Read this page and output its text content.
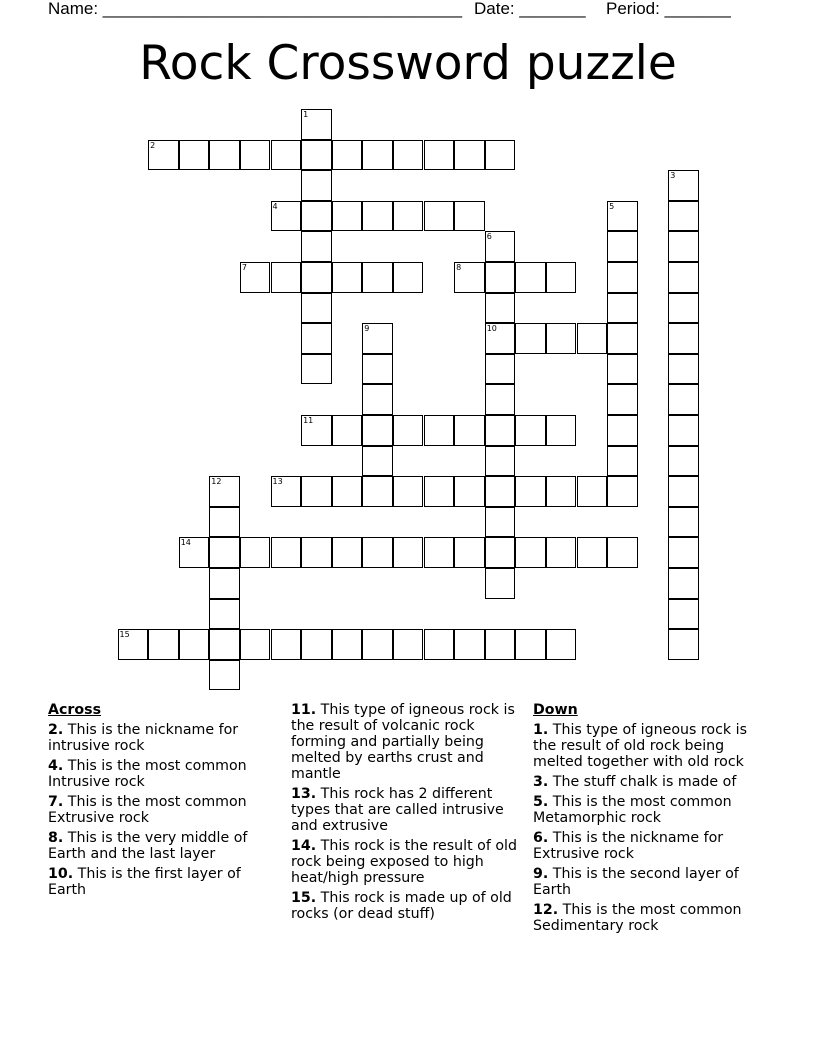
Name: ______________________________________ Date: _______ Period: _______
Rock Crossword puzzle
1
2
3
4	5
6
10
7	8
9
11
12	13
14
15
Across
2. This is the nickname for intrusive rock
4. This is the most common Intrusive rock
7. This is the most common Extrusive rock
8. This is the very middle of Earth and the last layer
10. This is the first layer of Earth
11. This type of igneous rock is the result of volcanic rock forming and partially being melted by earths crust and mantle
13. This rock has 2 different types that are called intrusive and extrusive
14. This rock is the result of old rock being exposed to high heat/high pressure
15. This rock is made up of old rocks (or dead stuff)
Down
1. This type of igneous rock is the result of old rock being melted together with old rock
3. The stuff chalk is made of
5. This is the most common Metamorphic rock
6. This is the nickname for Extrusive rock
9. This is the second layer of Earth
12. This is the most common Sedimentary rock
